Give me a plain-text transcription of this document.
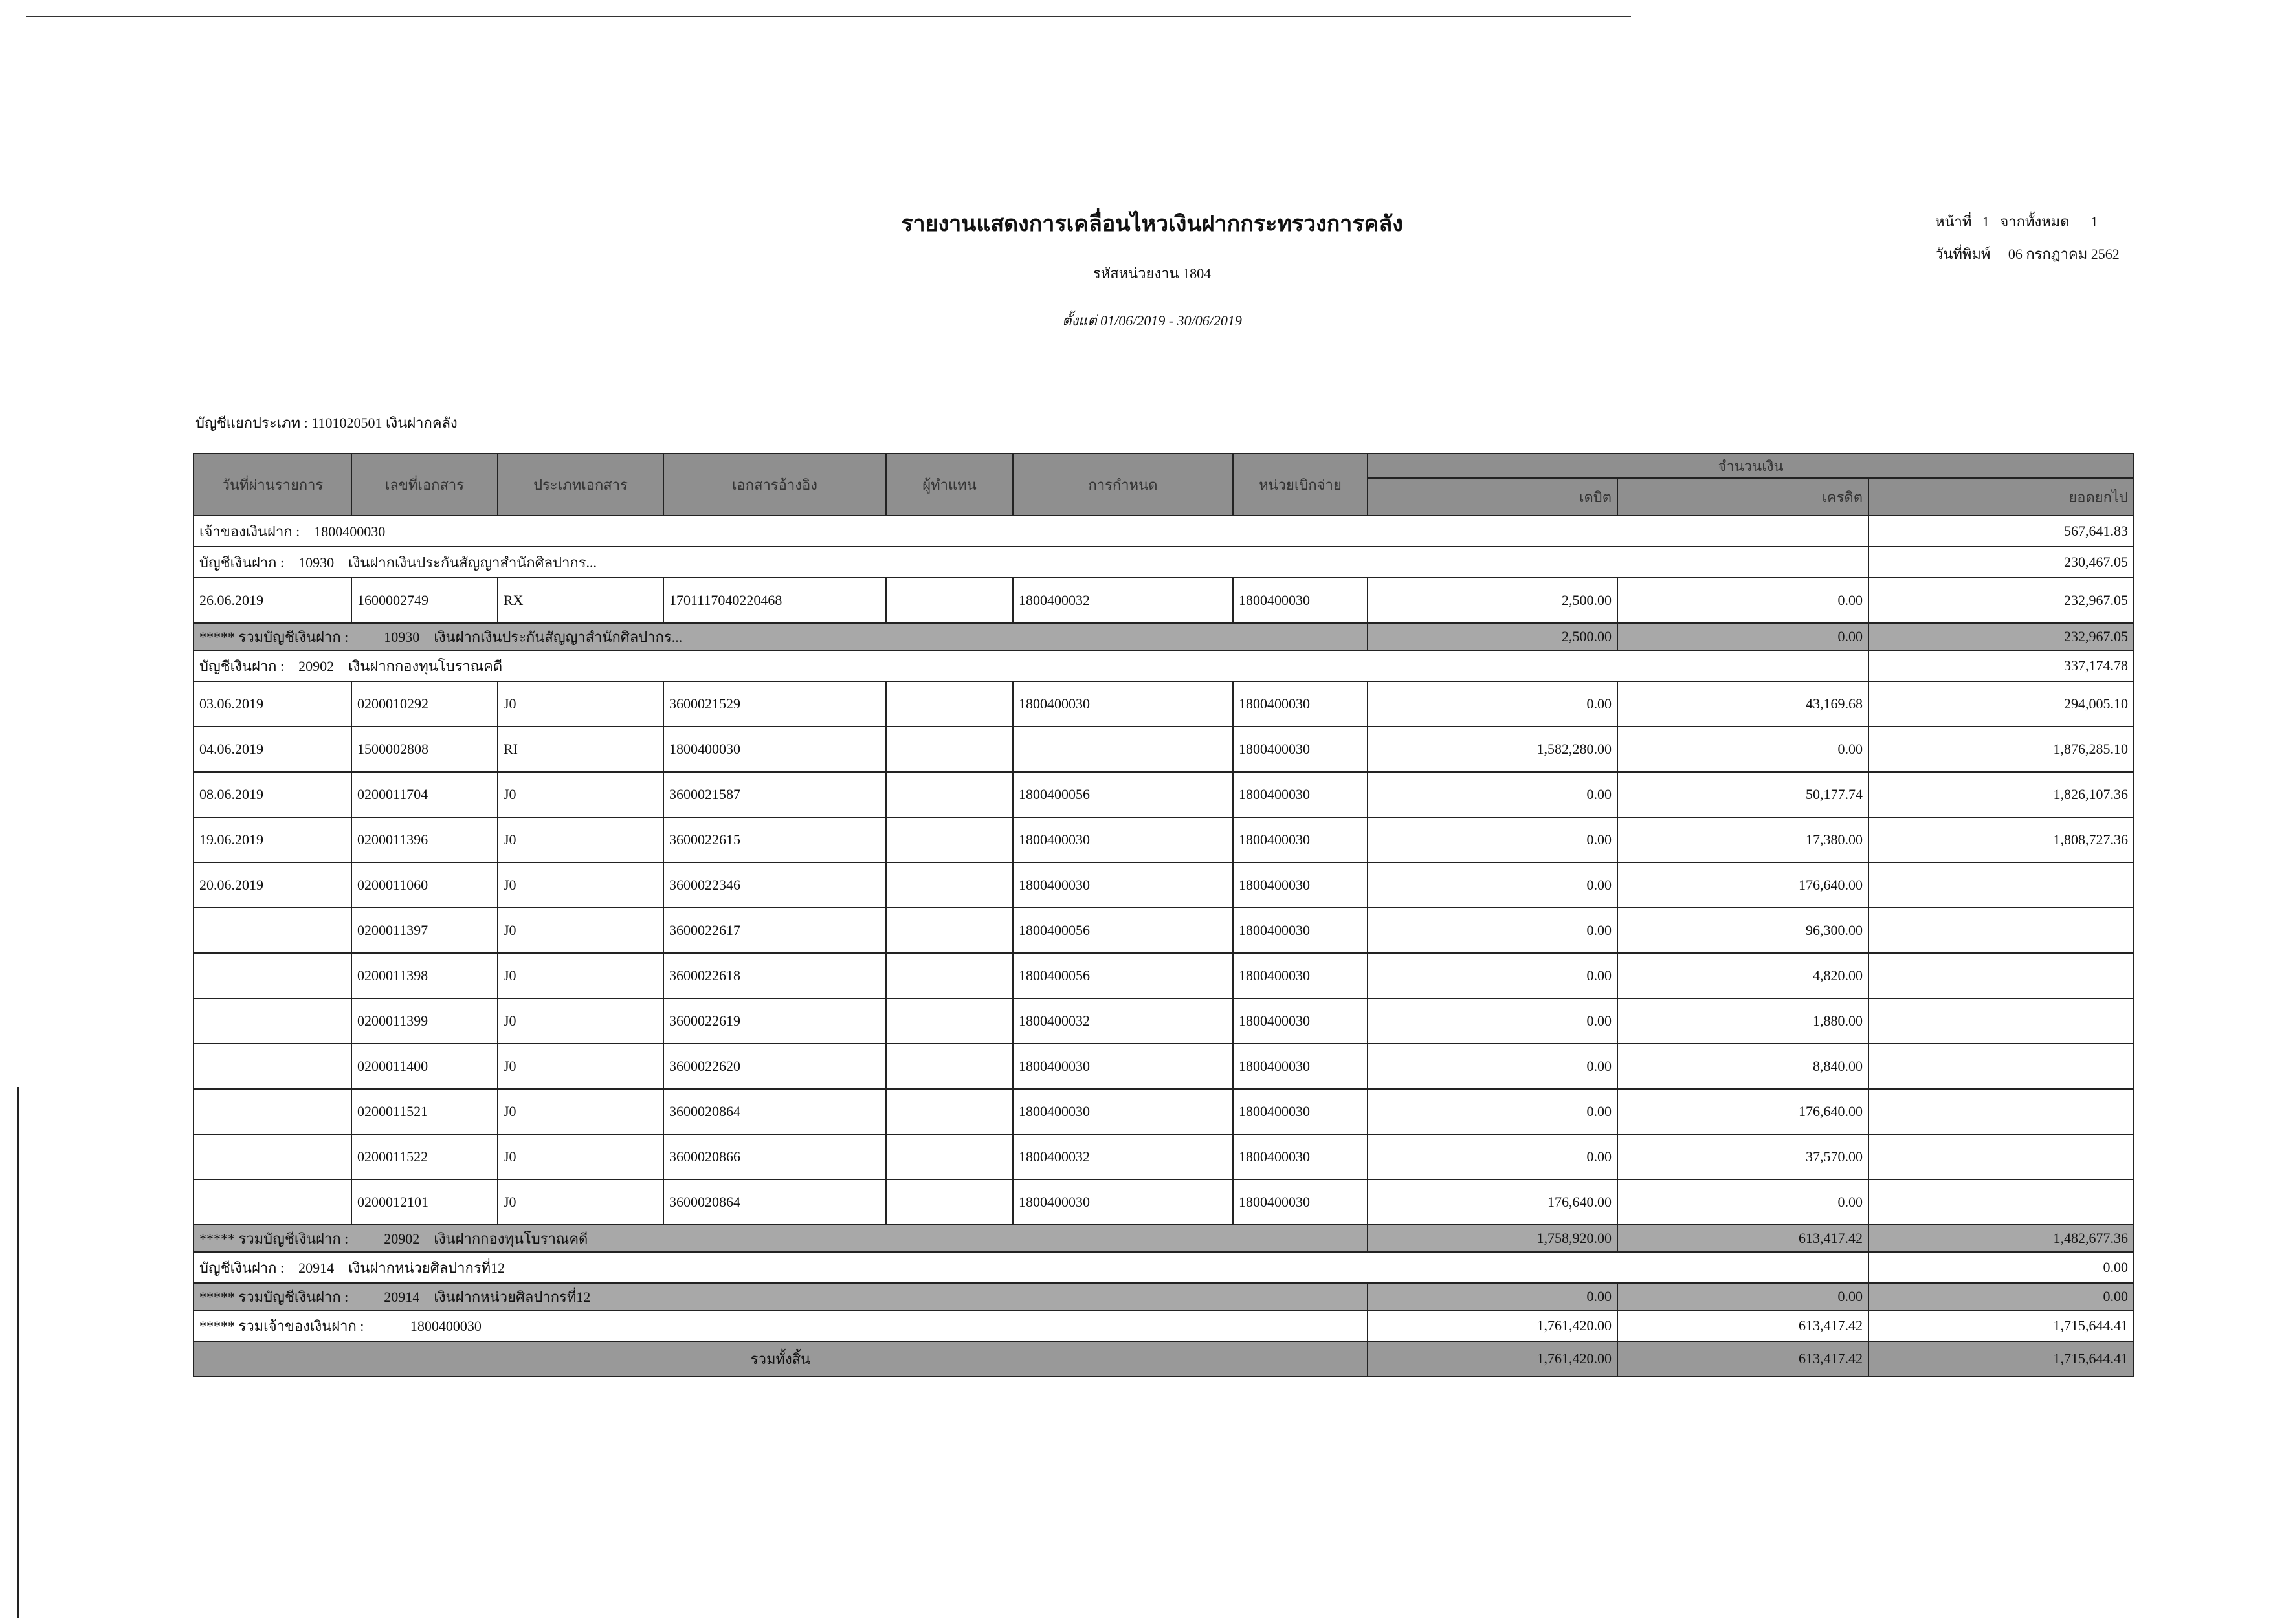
รายงานแสดงการเคลื่อนไหวเงินฝากกระทรวงการคลัง
รหัสหน่วยงาน 1804
ตั้งแต่ 01/06/2019 - 30/06/2019
หน้าที่ 1 จากทั้งหมด 1
วันที่พิมพ์ 06 กรกฎาคม 2562
บัญชีแยกประเภท : 1101020501 เงินฝากคลัง
วันที่ผ่านรายการ	เลขที่เอกสาร	ประเภทเอกสาร	เอกสารอ้างอิง	ผู้ทำแทน	การกำหนด	หน่วยเบิกจ่าย	จำนวนเงิน		
							เดบิต	เครดิต	ยอดยกไป
เจ้าของเงินฝาก : 1800400030									567,641.83
บัญชีเงินฝาก : 10930 เงินฝากเงินประกันสัญญาสำนักศิลปากร...									230,467.05
26.06.2019	1600002749	RX	1701117040220468		1800400032	1800400030	2,500.00	0.00	232,967.05
***** รวมบัญชีเงินฝาก : 10930 เงินฝากเงินประกันสัญญาสำนักศิลปากร...							2,500.00	0.00	232,967.05
บัญชีเงินฝาก : 20902 เงินฝากกองทุนโบราณคดี									337,174.78
03.06.2019	0200010292	J0	3600021529		1800400030	1800400030	0.00	43,169.68	294,005.10
04.06.2019	1500002808	RI	1800400030			1800400030	1,582,280.00	0.00	1,876,285.10
08.06.2019	0200011704	J0	3600021587		1800400056	1800400030	0.00	50,177.74	1,826,107.36
19.06.2019	0200011396	J0	3600022615		1800400030	1800400030	0.00	17,380.00	1,808,727.36
20.06.2019	0200011060	J0	3600022346		1800400030	1800400030	0.00	176,640.00	
	0200011397	J0	3600022617		1800400056	1800400030	0.00	96,300.00	
	0200011398	J0	3600022618		1800400056	1800400030	0.00	4,820.00	
	0200011399	J0	3600022619		1800400032	1800400030	0.00	1,880.00	
	0200011400	J0	3600022620		1800400030	1800400030	0.00	8,840.00	
	0200011521	J0	3600020864		1800400030	1800400030	0.00	176,640.00	
	0200011522	J0	3600020866		1800400032	1800400030	0.00	37,570.00	
	0200012101	J0	3600020864		1800400030	1800400030	176,640.00	0.00	
***** รวมบัญชีเงินฝาก : 20902 เงินฝากกองทุนโบราณคดี							1,758,920.00	613,417.42	1,482,677.36
บัญชีเงินฝาก : 20914 เงินฝากหน่วยศิลปากรที่12									0.00
***** รวมบัญชีเงินฝาก : 20914 เงินฝากหน่วยศิลปากรที่12							0.00	0.00	0.00
***** รวมเจ้าของเงินฝาก : 1800400030							1,761,420.00	613,417.42	1,715,644.41
รวมทั้งสิ้น							1,761,420.00	613,417.42	1,715,644.41
